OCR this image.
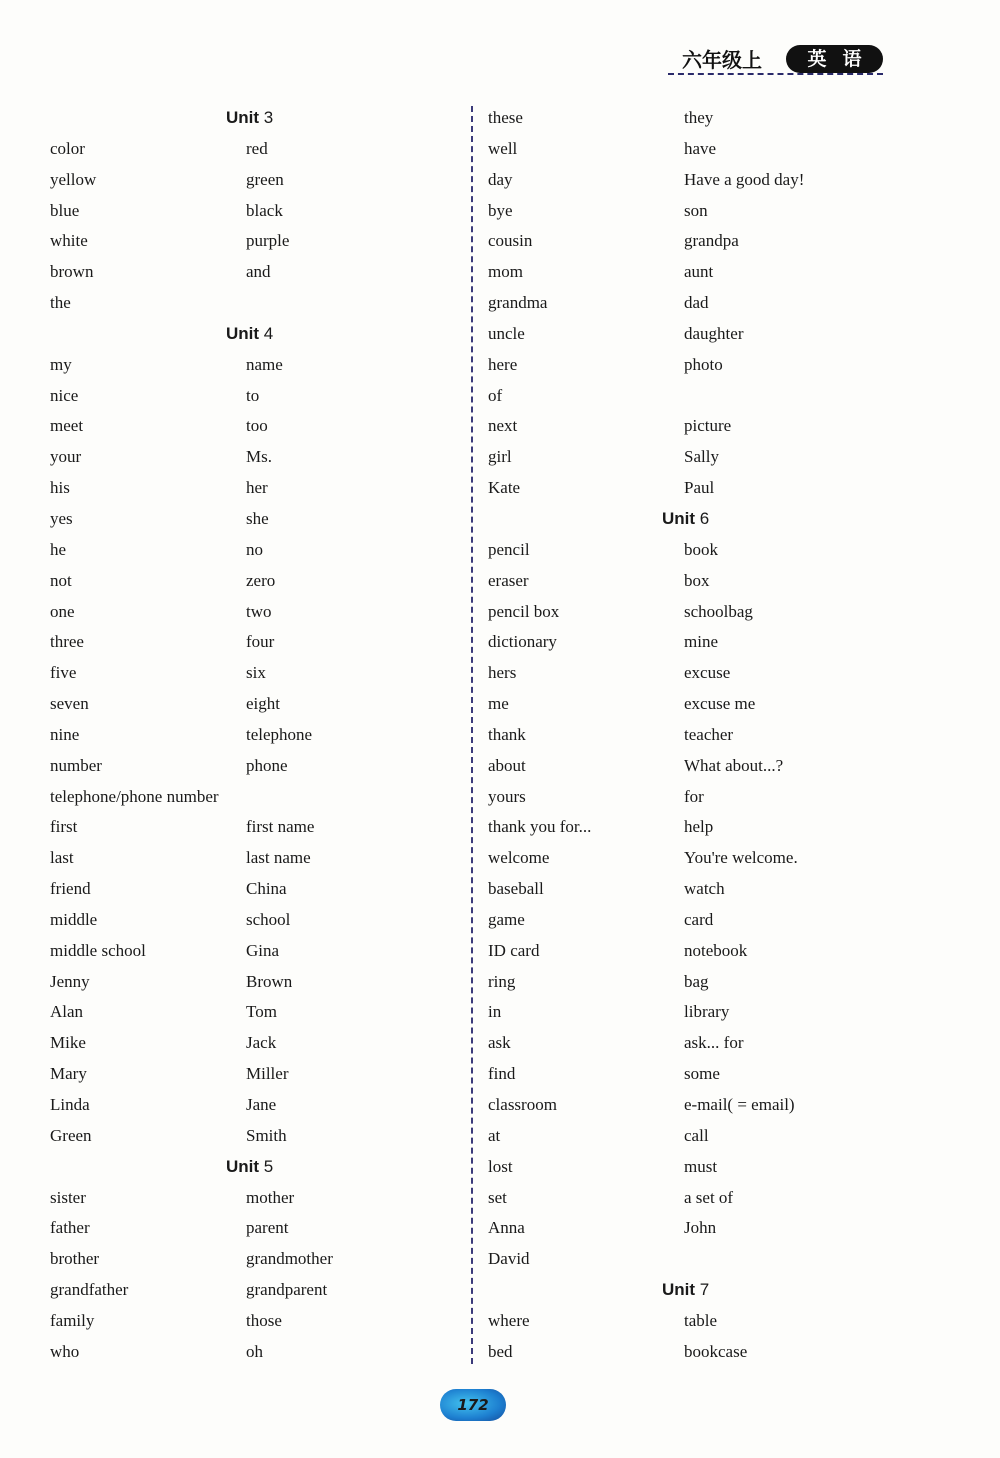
六年级上	英语
Unit 3
color	red
yellow	green
blue	black
white	purple
brown	and
the
Unit 4
my	name
nice	to
meet	too
your	Ms.
his	her
yes	she
he	no
not	zero
one	two
three	four
five	six
seven	eight
nine	telephone
number	phone
telephone/phone number
first	first name
last	last name
friend	China
middle	school
middle school	Gina
Jenny	Brown
Alan	Tom
Mike	Jack
Mary	Miller
Linda	Jane
Green	Smith
Unit 5
sister	mother
father	parent
brother	grandmother
grandfather	grandparent
family	those
who	oh
these	they
well	have
day	Have a good day!
bye	son
cousin	grandpa
mom	aunt
grandma	dad
uncle	daughter
here	photo
of
next	picture
girl	Sally
Kate	Paul
Unit 6
pencil	book
eraser	box
pencil box	schoolbag
dictionary	mine
hers	excuse
me	excuse me
thank	teacher
about	What about...?
yours	for
thank you for...	help
welcome	You're welcome.
baseball	watch
game	card
ID card	notebook
ring	bag
in	library
ask	ask... for
find	some
classroom	e-mail( = email)
at	call
lost	must
set	a set of
Anna	John
David
Unit 7
where	table
bed	bookcase
172
